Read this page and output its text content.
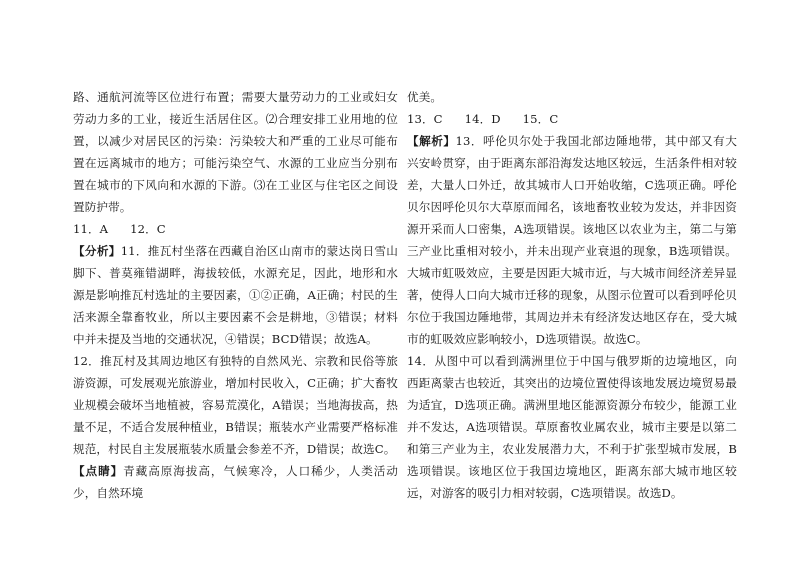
路、通航河流等区位进行布置；需要大量劳动力的工业或妇女劳动力多的工业，接近生活居住区。⑵合理安排工业用地的位置，以减少对居民区的污染：污染较大和严重的工业尽可能布置在远离城市的地方；可能污染空气、水源的工业应当分别布置在城市的下风向和水源的下游。⑶在工业区与住宅区之间设置防护带。

11．A 12．C

【分析】11．推瓦村坐落在西藏自治区山南市的蒙达岗日雪山脚下、普莫雍错湖畔，海拔较低，水源充足，因此，地形和水源是影响推瓦村选址的主要因素，①②正确，A正确；村民的生活来源全靠畜牧业，所以主要因素不会是耕地，③错误；材料中并未提及当地的交通状况，④错误；BCD错误；故选A。

12．推瓦村及其周边地区有独特的自然风光、宗教和民俗等旅游资源，可发展观光旅游业，增加村民收入，C正确；扩大畜牧业规模会破坏当地植被，容易荒漠化，A错误；当地海拔高，热量不足，不适合发展种植业，B错误；瓶装水产业需要严格标准规范，村民自主发展瓶装水质量会参差不齐，D错误；故选C。

【点睛】青藏高原海拔高，气候寒冷，人口稀少，人类活动少，自然环境

优美。

13．C 14．D 15．C

【解析】13．呼伦贝尔处于我国北部边陲地带，其中部又有大兴安岭贯穿，由于距离东部沿海发达地区较远，生活条件相对较差，大量人口外迁，故其城市人口开始收缩，C选项正确。呼伦贝尔因呼伦贝尔大草原而闻名，该地畜牧业较为发达，并非因资源开采而人口密集，A选项错误。该地区以农业为主，第二与第三产业比重相对较小，并未出现产业衰退的现象，B选项错误。大城市虹吸效应，主要是因距大城市近，与大城市间经济差异显著，使得人口向大城市迁移的现象，从图示位置可以看到呼伦贝尔位于我国边陲地带，其周边并未有经济发达地区存在，受大城市的虹吸效应影响较小，D选项错误。故选C。

14．从图中可以看到满洲里位于中国与俄罗斯的边境地区，向西距离蒙古也较近，其突出的边境位置使得该地发展边境贸易最为适宜，D选项正确。满洲里地区能源资源分布较少，能源工业并不发达，A选项错误。草原畜牧业属农业，城市主要是以第二和第三产业为主，农业发展潜力大，不利于扩张型城市发展，B选项错误。该地区位于我国边境地区，距离东部大城市地区较远，对游客的吸引力相对较弱，C选项错误。故选D。
